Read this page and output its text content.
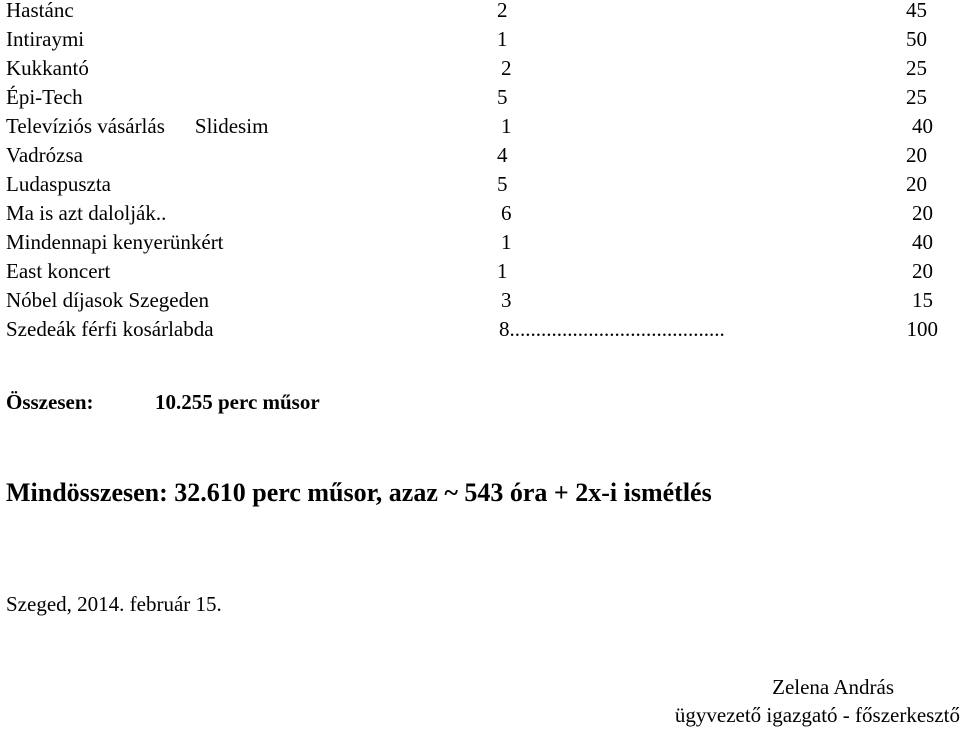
Hastánc	2	45
Intiraymi	1	50
Kukkantó	2	25
Épi-Tech	5	25
Televíziós vásárlás Slidesim	1	40
Vadrózsa	4	20
Ludaspuszta	5	20
Ma is azt dalolják..	6	20
Mindennapi kenyerünkért	1	40
East koncert	1	20
Nóbel díjasok Szegeden	3	15
Szedeák férfi kosárlabda	8.........................................	100
Összesen:	10.255 perc műsor
Mindösszesen: 32.610 perc műsor, azaz ~ 543 óra + 2x-i ismétlés
Szeged, 2014. február 15.
Zelena András
ügyvezető igazgató - főszerkesztő
